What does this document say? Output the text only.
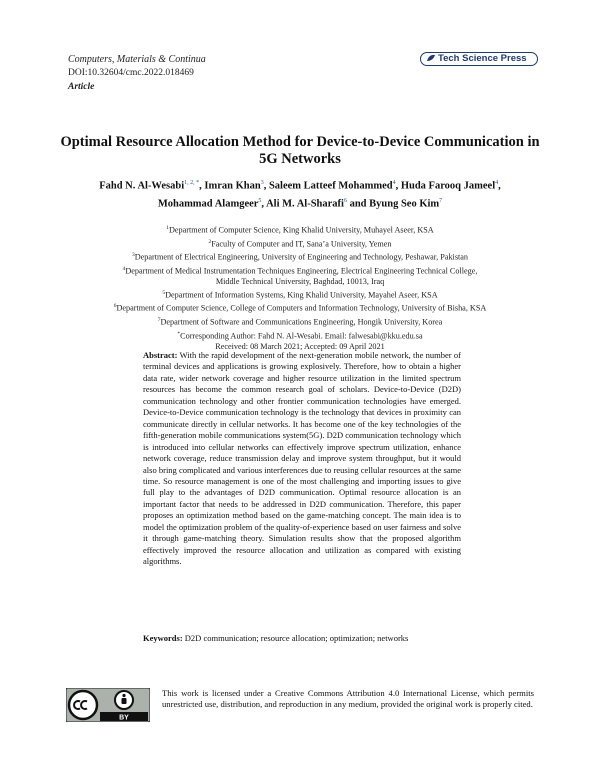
Computers, Materials & Continua
DOI:10.32604/cmc.2022.018469
Article
Tech Science Press
Optimal Resource Allocation Method for Device-to-Device Communication in
5G Networks
Fahd N. Al-Wesabi$^{1, 2, *}$, Imran Khan$^3$, Saleem Latteef Mohammed$^4$, Huda Farooq Jameel$^4$,
Mohammad Alamgeer$^5$, Ali M. Al-Sharafi$^6$ and Byung Seo Kim$^7$
$^1$Department of Computer Science, King Khalid University, Muhayel Aseer, KSA
$^2$Faculty of Computer and IT, Sana’a University, Yemen
$^3$Department of Electrical Engineering, University of Engineering and Technology, Peshawar, Pakistan
$^4$Department of Medical Instrumentation Techniques Engineering, Electrical Engineering Technical College,
Middle Technical University, Baghdad, 10013, Iraq
$^5$Department of Information Systems, King Khalid University, Mayahel Aseer, KSA
$^6$Department of Computer Science, College of Computers and Information Technology, University of Bisha, KSA
$^7$Department of Software and Communications Engineering, Hongik University, Korea
*Corresponding Author: Fahd N. Al-Wesabi. Email: falwesabi@kku.edu.sa
Received: 08 March 2021; Accepted: 09 April 2021
Abstract: With the rapid development of the next-generation mobile network, the number of terminal devices and applications is growing explosively. Therefore, how to obtain a higher data rate, wider network coverage and higher resource utilization in the limited spectrum resources has become the common research goal of scholars. Device-to-Device (D2D) communication technology and other frontier communication technologies have emerged. Device-to-Device communication technology is the technology that devices in proximity can communicate directly in cellular networks. It has become one of the key technologies of the fifth-generation mobile communications system(5G). D2D communication technology which is introduced into cellular networks can effectively improve spectrum utilization, enhance network coverage, reduce transmission delay and improve system throughput, but it would also bring complicated and various interferences due to reusing cellular resources at the same time. So resource management is one of the most challenging and importing issues to give full play to the advantages of D2D communication. Optimal resource allocation is an important factor that needs to be addressed in D2D communication. Therefore, this paper proposes an optimization method based on the game-matching concept. The main idea is to model the optimization problem of the quality-of-experience based on user fairness and solve it through game-matching theory. Simulation results show that the proposed algorithm effectively improved the resource allocation and utilization as compared with existing algorithms.
Keywords: D2D communication; resource allocation; optimization; networks
BY
This work is licensed under a Creative Commons Attribution 4.0 International License, which permits unrestricted use, distribution, and reproduction in any medium, provided the original work is properly cited.
